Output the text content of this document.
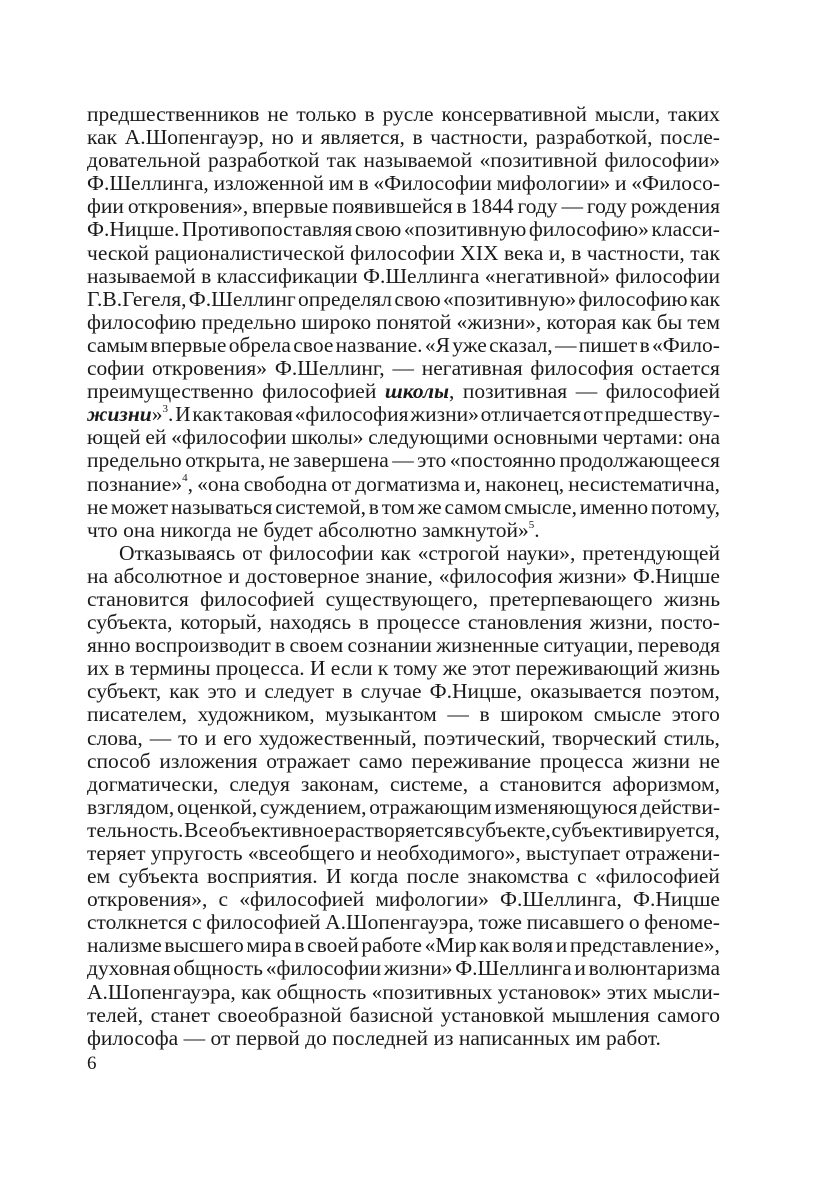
предшественников не только в русле консервативной мысли, таких
как А.Шопенгауэр, но и является, в частности, разработкой, после-
довательной разработкой так называемой «позитивной философии»
Ф.Шеллинга, изложенной им в «Философии мифологии» и «Филосо-
фии откровения», впервые появившейся в 1844 году — году рождения
Ф.Ницше. Противопоставляя свою «позитивную философию» класси-
ческой рационалистической философии XIX века и, в частности, так
называемой в классификации Ф.Шеллинга «негативной» философии
Г.В.Гегеля, Ф.Шеллинг определял свою «позитивную» философию как
философию предельно широко понятой «жизни», которая как бы тем
самым впервые обрела свое название. «Я уже сказал, — пишет в «Фило-
софии откровения» Ф.Шеллинг, — негативная философия остается
преимущественно философией школы, позитивная — философией
жизни»$^3$. И как таковая «философия жизни» отличается от предшеству-
ющей ей «философии школы» следующими основными чертами: она
предельно открыта, не завершена — это «постоянно продолжающееся
познание»$^4$, «она свободна от догматизма и, наконец, несистематична,
не может называться системой, в том же самом смысле, именно потому,
что она никогда не будет абсолютно замкнутой»$^5$.
Отказываясь от философии как «строгой науки», претендующей
на абсолютное и достоверное знание, «философия жизни» Ф.Ницше
становится философией существующего, претерпевающего жизнь
субъекта, который, находясь в процессе становления жизни, посто-
янно воспроизводит в своем сознании жизненные ситуации, переводя
их в термины процесса. И если к тому же этот переживающий жизнь
субъект, как это и следует в случае Ф.Ницше, оказывается поэтом,
писателем, художником, музыкантом — в широком смысле этого
слова, — то и его художественный, поэтический, творческий стиль,
способ изложения отражает само переживание процесса жизни не
догматически, следуя законам, системе, а становится афоризмом,
взглядом, оценкой, суждением, отражающим изменяющуюся действи-
тельность. Все объективное растворяется в субъекте, субъективируется,
теряет упругость «всеобщего и необходимого», выступает отражени-
ем субъекта восприятия. И когда после знакомства с «философией
откровения», с «философией мифологии» Ф.Шеллинга, Ф.Ницше
столкнется с философией А.Шопенгауэра, тоже писавшего о феноме-
нализме высшего мира в своей работе «Мир как воля и представление»,
духовная общность «философии жизни» Ф.Шеллинга и волюнтаризма
А.Шопенгауэра, как общность «позитивных установок» этих мысли-
телей, станет своеобразной базисной установкой мышления самого
философа — от первой до последней из написанных им работ.
6
